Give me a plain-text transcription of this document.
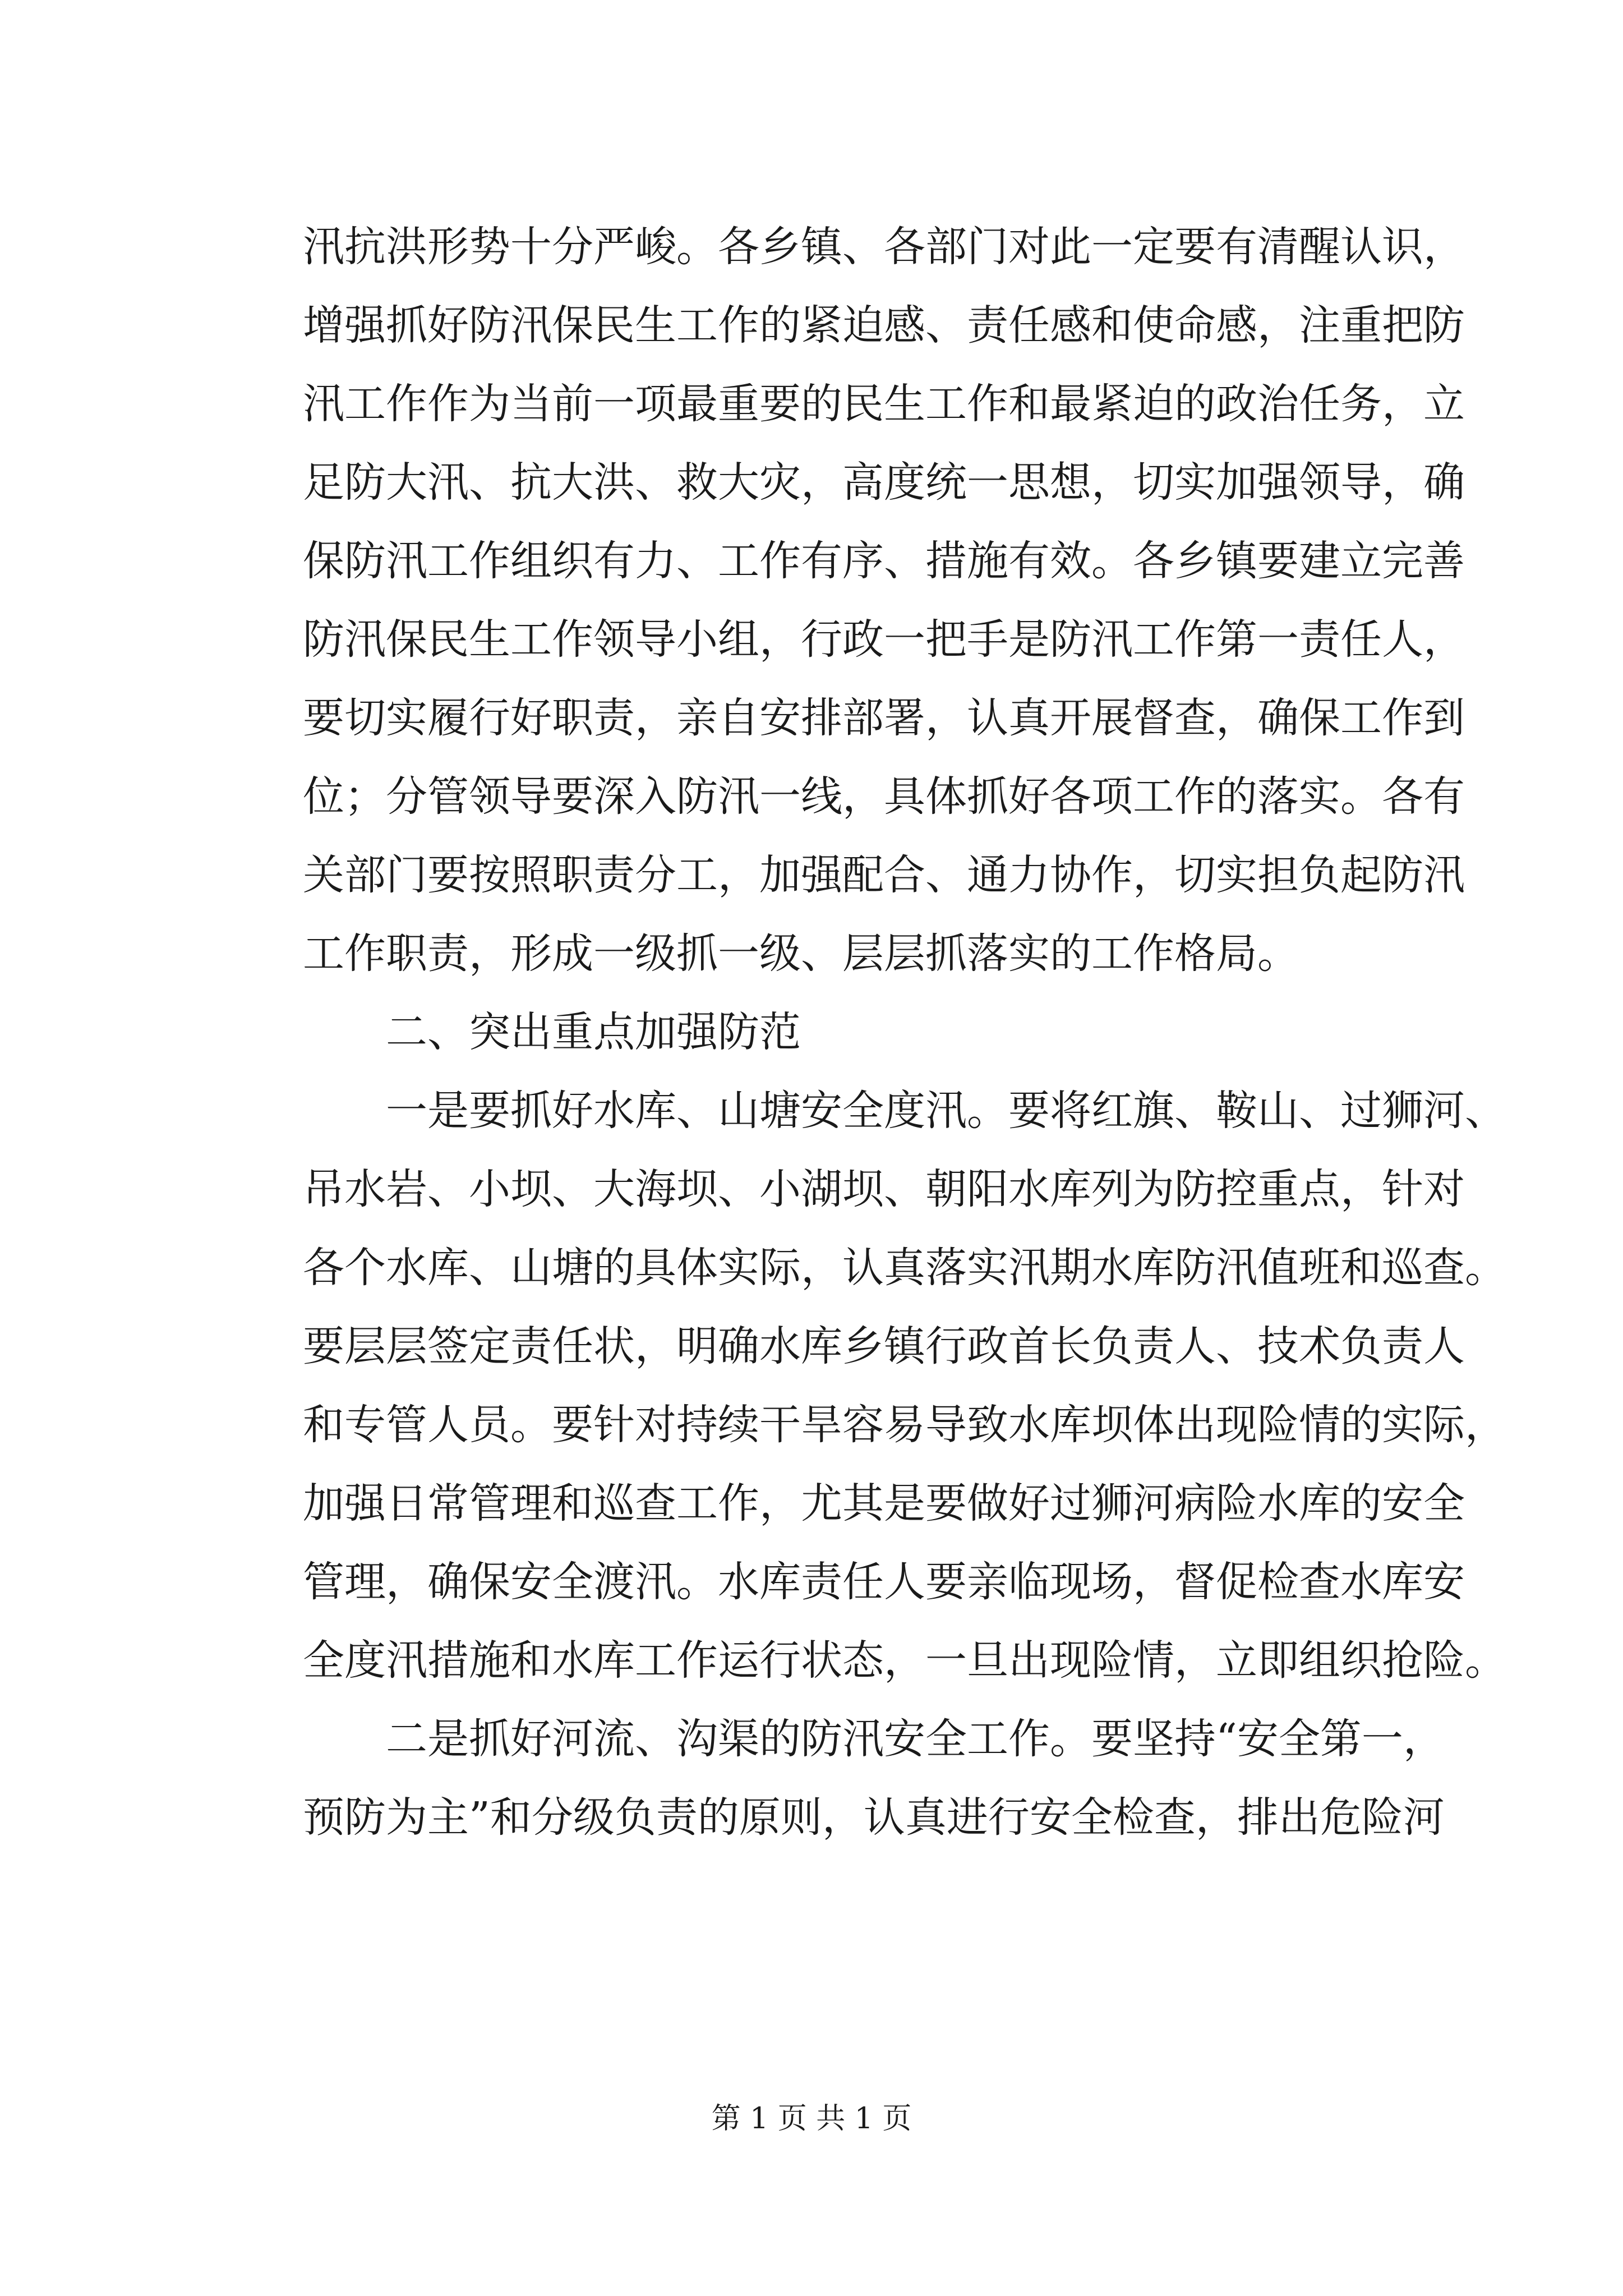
汛抗洪形势十分严峻。各乡镇、各部门对此一定要有清醒认识，
增强抓好防汛保民生工作的紧迫感、责任感和使命感，注重把防
汛工作作为当前一项最重要的民生工作和最紧迫的政治任务，立
足防大汛、抗大洪、救大灾，高度统一思想，切实加强领导，确
保防汛工作组织有力、工作有序、措施有效。各乡镇要建立完善
防汛保民生工作领导小组，行政一把手是防汛工作第一责任人，
要切实履行好职责，亲自安排部署，认真开展督查，确保工作到
位；分管领导要深入防汛一线，具体抓好各项工作的落实。各有
关部门要按照职责分工，加强配合、通力协作，切实担负起防汛
工作职责，形成一级抓一级、层层抓落实的工作格局。
二、突出重点加强防范
一是要抓好水库、山塘安全度汛。要将红旗、鞍山、过狮河、
吊水岩、小坝、大海坝、小湖坝、朝阳水库列为防控重点，针对
各个水库、山塘的具体实际，认真落实汛期水库防汛值班和巡查。
要层层签定责任状，明确水库乡镇行政首长负责人、技术负责人
和专管人员。要针对持续干旱容易导致水库坝体出现险情的实际，
加强日常管理和巡查工作，尤其是要做好过狮河病险水库的安全
管理，确保安全渡汛。水库责任人要亲临现场，督促检查水库安
全度汛措施和水库工作运行状态，一旦出现险情，立即组织抢险。
二是抓好河流、沟渠的防汛安全工作。要坚持“安全第一，
预防为主”和分级负责的原则，认真进行安全检查，排出危险河
第 1 页 共 1 页
